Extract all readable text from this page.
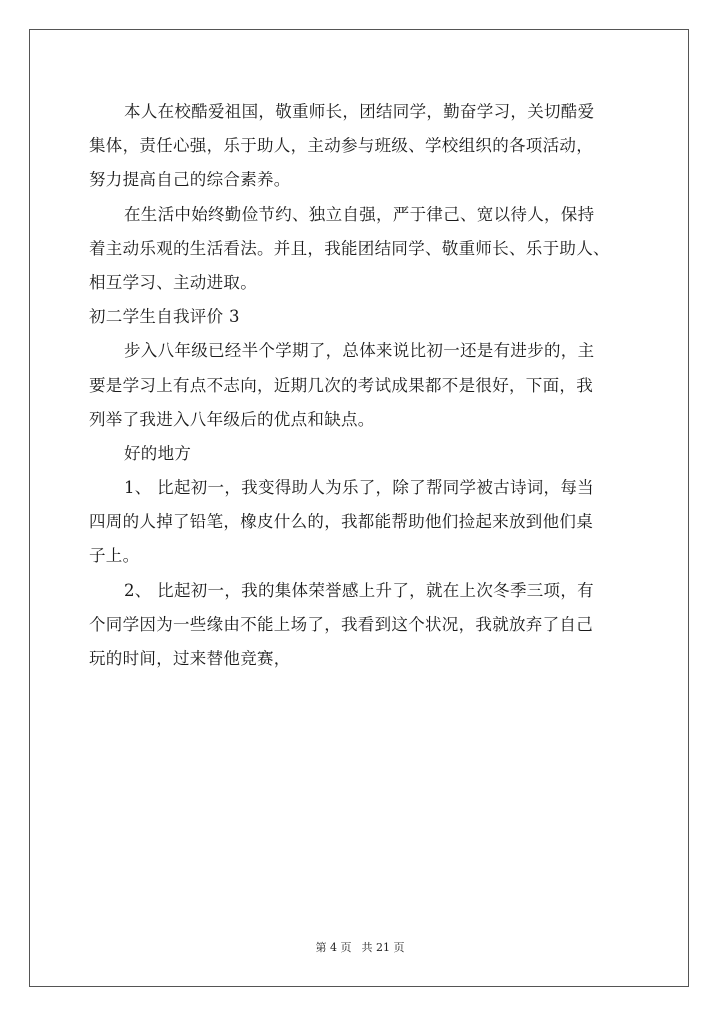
本人在校酷爱祖国，敬重师长，团结同学，勤奋学习，关切酷爱
集体，责任心强，乐于助人，主动参与班级、学校组织的各项活动，
努力提高自己的综合素养。
在生活中始终勤俭节约、独立自强，严于律己、宽以待人，保持
着主动乐观的生活看法。并且，我能团结同学、敬重师长、乐于助人、
相互学习、主动进取。
初二学生自我评价 3
步入八年级已经半个学期了，总体来说比初一还是有进步的，主
要是学习上有点不志向，近期几次的考试成果都不是很好，下面，我
列举了我进入八年级后的优点和缺点。
好的地方
1、 比起初一，我变得助人为乐了，除了帮同学被古诗词，每当
四周的人掉了铅笔，橡皮什么的，我都能帮助他们捡起来放到他们桌
子上。
2、 比起初一，我的集体荣誉感上升了，就在上次冬季三项，有
个同学因为一些缘由不能上场了，我看到这个状况，我就放弃了自己
玩的时间，过来替他竞赛，
第 4 页 共 21 页
